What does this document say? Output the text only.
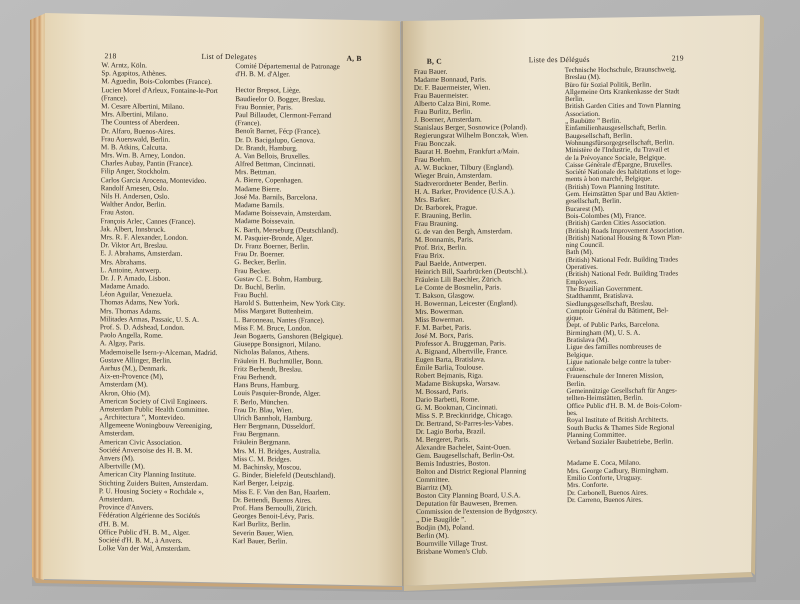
218	List of Delegates	A, B
W. Arntz, Köln.
Sp. Agapitos, Athènes.
M. Aguedin, Bois-Colombes (France).
Lucien Morel d'Arleux, Fontaine-le-Port
(France).
M. Cesare Albertini, Milano.
Mrs. Albertini, Milano.
The Countess of Aberdeen.
Dr. Alfaro, Buenos-Aires.
Frau Auerswald, Berlin.
M. B. Atkins, Calcutta.
Mrs. Wm. B. Arney, London.
Charles Aubay, Pantin (France).
Filip Anger, Stockholm.
Carlos Garcia Arocena, Montevideo.
Randolf Arnesen, Oslo.
Nils H. Andersen, Oslo.
Walther Andor, Berlin.
Frau Aston.
François Arlec, Cannes (France).
Jak. Albert, Innsbruck.
Mrs. R. F. Alexander, London.
Dr. Viktor Art, Breslau.
E. J. Abrahams, Amsterdam.
Mrs. Abrahams.
L. Antoine, Antwerp.
Dr. J. P. Amado, Lisbon.
Madame Amado.
Léon Aguilar, Venezuela.
Thomas Adams, New York.
Mrs. Thomas Adams.
Militades Armas, Passaic, U. S. A.
Prof. S. D. Adshead, London.
Paolo Angella, Rome.
A. Algay, Paris.
Mademoiselle Isern-y-Alceman, Madrid.
Gustave Allinger, Berlin.
Aarhus (M.), Denmark.
Aix-en-Provence (M),
Amsterdam (M).
Akron, Ohio (M).
American Society of Civil Engineers.
Amsterdam Public Health Committee.
„ Architectura ”, Montevideo.
Allgemeene Woningbouw Vereeniging,
Amsterdam.
American Civic Association.
Société Anversoise des H. B. M.
Anvers (M).
Albertville (M).
American City Planning Institute.
Stichting Zuiders Buiten, Amsterdam.
P. U. Housing Society « Rochdale »,
Amsterdam.
Province d'Anvers.
Fédération Algérienne des Sociétés
d'H. B. M.
Office Public d'H. B. M., Alger.
Société d'H. B. M., à Anvers.
Lolke Van der Wal, Amsterdam.
Comité Départemental de Patronage
d'H. B. M. d'Alger.
Hector Brepsot, Liège.
Baudieelor O. Bogger, Breslau.
Frau Bonnier, Paris.
Paul Billaudet, Clermont-Ferrand
(France).
Benoît Barnet, Fécp (France).
Dr. D. Bacigalupo, Genova.
Dr. Brandt, Hamburg.
A. Van Bellois, Bruxelles.
Alfred Bettman, Cincinnati.
Mrs. Bettman.
A. Bierre, Copenhagen.
Madame Bierre.
José Ma. Barnils, Barcelona.
Madame Barnils.
Madame Boissevain, Amsterdam.
Madame Boissevain.
K. Barth, Merseburg (Deutschland).
M. Pasquier-Bronde, Alger.
Dr. Franz Boerner, Berlin.
Frau Dr. Boerner.
G. Becker, Berlin.
Frau Becker.
Gustav C. E. Bohm, Hamburg.
Dr. Buchl, Berlin.
Frau Buchl.
Harold S. Buttenheim, New York City.
Miss Margaret Buttenheim.
L. Baronneau, Nantes (France).
Miss F. M. Bruce, London.
Jean Bogaerts, Ganshoren (Belgique).
Giuseppe Bonsignori, Milano.
Nicholas Balanos, Athens.
Fräulein H. Buchmüller, Bonn.
Fritz Berhendt, Breslau.
Frau Berhendt.
Hans Bruns, Hamburg.
Louis Pasquier-Bronde, Alger.
F. Berlo, München.
Frau Dr. Blau, Wien.
Ulrich Bannholt, Hamburg.
Herr Bergmann, Düsseldorf.
Frau Bergmann.
Fräulein Bergmann.
Mrs. M. H. Bridges, Australia.
Miss C. M. Bridges.
M. Bachinsky, Moscou.
G. Binder, Bielefeld (Deutschland).
Karl Berger, Leipzig.
Miss E. F. Van den Ban, Haarlem.
Dr. Bettendi, Buenos Aires.
Prof. Hans Bernoulli, Zürich.
Georges Benoit-Lévy, Paris.
Karl Burlitz, Berlin.
Severin Bauer, Wien.
Karl Bauer, Berlin.
B, C	Liste des Délégués	219
Frau Bauer.
Madame Bonnaud, Paris.
Dr. F. Bauermeister, Wien.
Frau Bauermeister.
Alberto Calza Bini, Rome.
Frau Burlitz, Berlin.
J. Boerner, Amsterdam.
Stanislaus Berger, Sosnowice (Poland).
Regierungsrat Wilhelm Bonczak, Wien.
Frau Bonczak.
Baurat H. Boehm, Frankfurt a/Main.
Frau Boehm.
A. W. Buckner, Tilbury (England).
Wieger Bruin, Amsterdam.
Stadtverordneter Bender, Berlin.
H. A. Barker, Providence (U.S.A.).
Mrs. Barker.
Dr. Barborek, Prague.
F. Brauning, Berlin.
Frau Brauning.
G. de van den Bergh, Amsterdam.
M. Bonnamis, Paris.
Prof. Brix, Berlin.
Frau Brix.
Paul Baelde, Antwerpen.
Heinrich Bill, Saarbrücken (Deutschl.).
Fräulein Lili Baechler, Zürich.
Le Comte de Bosmelin, Paris.
T. Bakson, Glasgow.
H. Bowerman, Leicester (England).
Mrs. Bowerman.
Miss Bowerman.
F. M. Barbet, Paris.
José M. Borx, Paris.
Professor A. Bruggeman, Paris.
A. Bignand, Albertville, France.
Eugen Barta, Bratislava.
Émile Barlia, Toulouse.
Robert Bejmanis, Riga.
Madame Biskupska, Warsaw.
M. Bossard, Paris.
Dario Barbetti, Rome.
G. M. Bookman, Cincinnati.
Miss S. P. Breckinridge, Chicago.
Dr. Bertrand, St-Parres-les-Vabes.
Dr. Lagio Borba, Brazil.
M. Bergeret, Paris.
Alexandre Bachelet, Saint-Ouen.
Gem. Baugesellschaft, Berlin-Ost.
Bemis Industries, Boston.
Bolton and District Regional Planning
Committee.
Biarritz (M).
Boston City Planning Board, U.S.A.
Deputation für Bauwesen, Bremen.
Commission de l'extension de Bydgoszcy.
„ Die Baugilde ”.
Bodjin (M), Poland.
Berlin (M).
Bournville Village Trust.
Brisbane Women's Club.
Technische Hochschule, Braunschweig.
Breslau (M).
Büro für Sozial Politik, Berlin.
Allgemeine Orts Krankenkasse der Stadt
Berlin.
British Garden Cities and Town Planning
Association.
„ Baubütte ” Berlin.
Einfamilienhausgesellschaft, Berlin.
Baugesellschaft, Berlin.
Wohnungsfürsorgegesellschaft, Berlin.
Ministère de l'Industrie, du Travail et
de la Prévoyance Sociale, Belgique.
Caisse Générale d'Épargne, Bruxelles.
Société Nationale des habitations et loge-
ments à bon marché, Belgique.
(British) Town Planning Institute.
Gem. Heimstätten Spar und Bau Aktien-
gesellschaft, Berlin.
Bucarest (M).
Bois-Colombes (M), France.
(British) Garden Cities Association.
(British) Roads Improvement Association.
(British) National Housing & Town Plan-
ning Council.
Bath (M).
(British) National Fedr. Building Trades
Operatives.
(British) National Fedr. Building Trades
Employers.
The Brazilian Government.
Stadthammt, Bratislava.
Siedlungsgesellschaft, Breslau.
Comptoir Général du Bâtiment, Bel-
gique.
Dept. of Public Parks, Barcelona.
Birmingham (M), U. S. A.
Bratislava (M).
Ligue des familles nombreuses de
Belgique.
Ligue nationale belge contre la tuber-
culose.
Frauenschule der Inneren Mission,
Berlin.
Gemeinnützige Gesellschaft für Anges-
tellten-Heimstätten, Berlin.
Office Public d'H. B. M. de Bois-Colom-
bes.
Royal Institute of British Architects.
South Bucks & Thames Side Regional
Planning Committee.
Verband Sozialer Baubetriebe, Berlin.
Madame E. Coca, Milano.
Mrs. George Cadbury, Birmingham.
Emilio Conforte, Uruguay.
Mrs. Conforte.
Dr. Carbonell, Buenos Aires.
Dr. Carreno, Buenos Aires.
